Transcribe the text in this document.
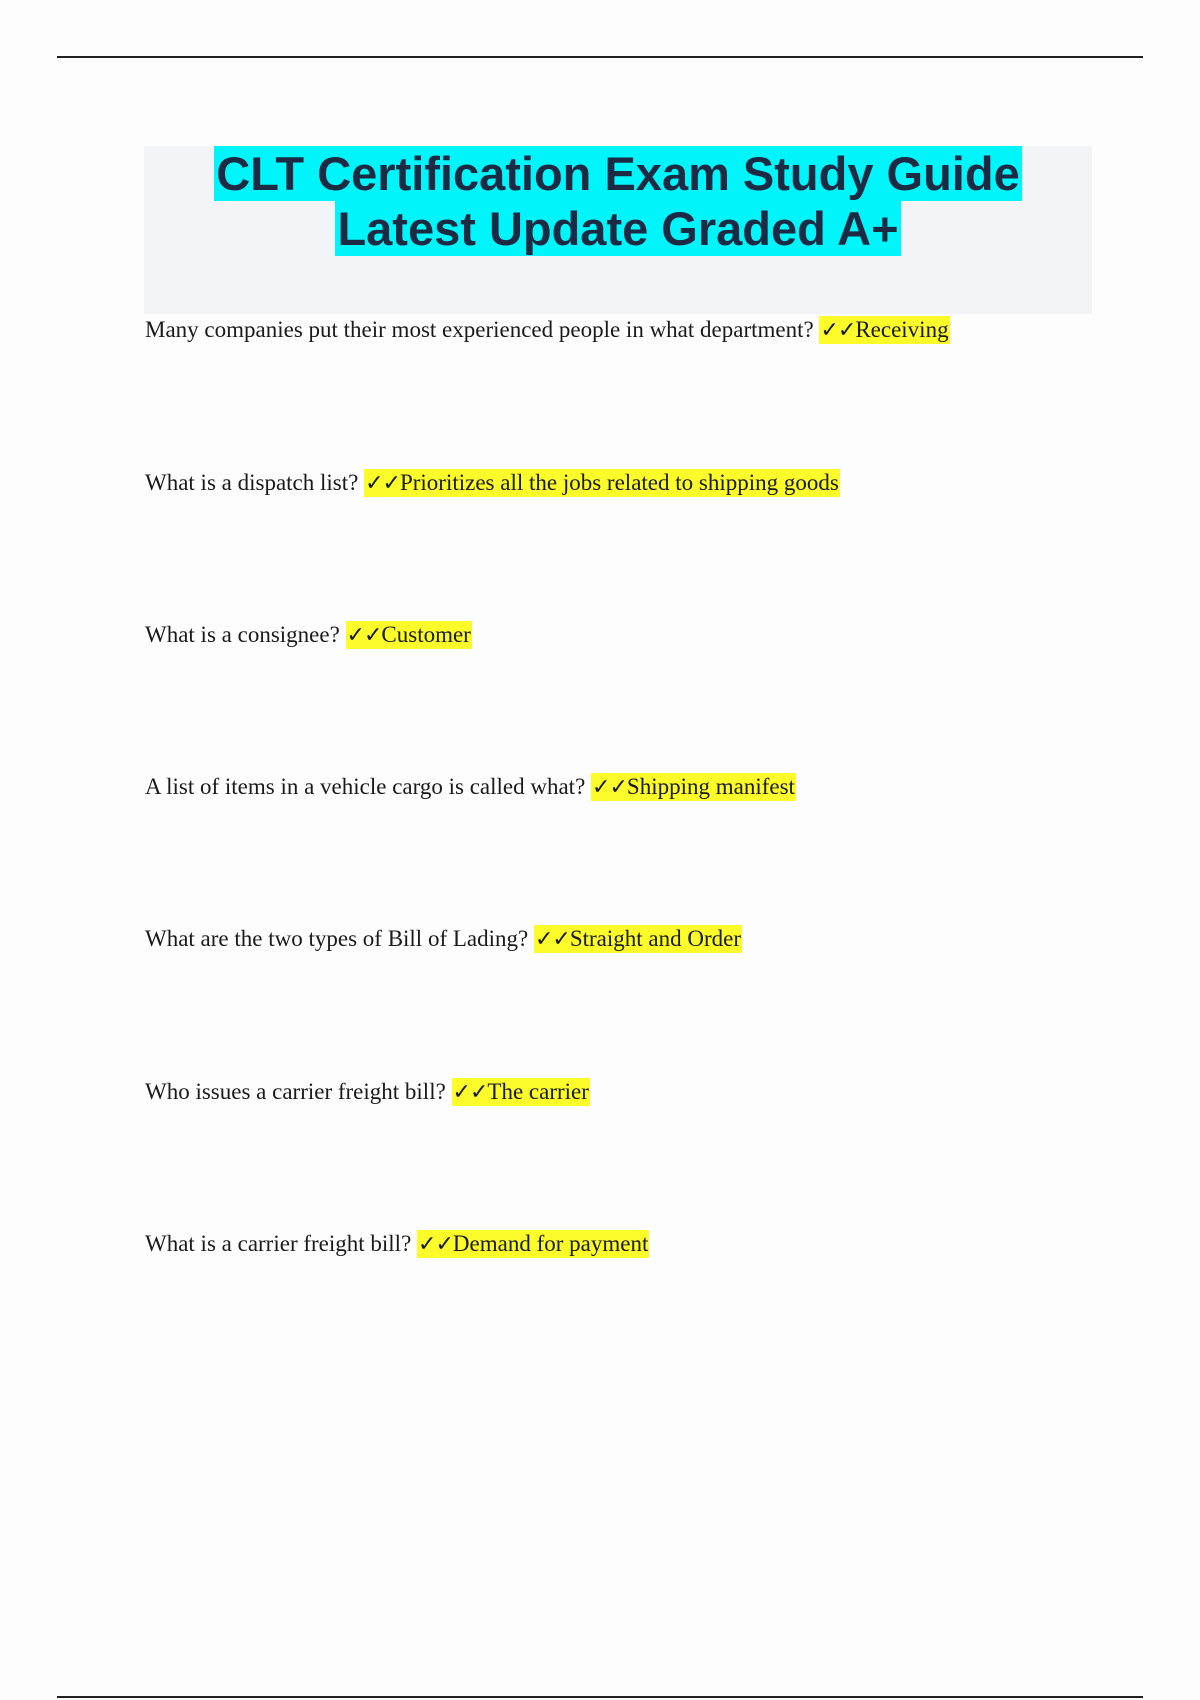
CLT Certification Exam Study Guide
Latest Update Graded A+
Many companies put their most experienced people in what department? ✓✓Receiving
What is a dispatch list? ✓✓Prioritizes all the jobs related to shipping goods
What is a consignee? ✓✓Customer
A list of items in a vehicle cargo is called what? ✓✓Shipping manifest
What are the two types of Bill of Lading? ✓✓Straight and Order
Who issues a carrier freight bill? ✓✓The carrier
What is a carrier freight bill? ✓✓Demand for payment
